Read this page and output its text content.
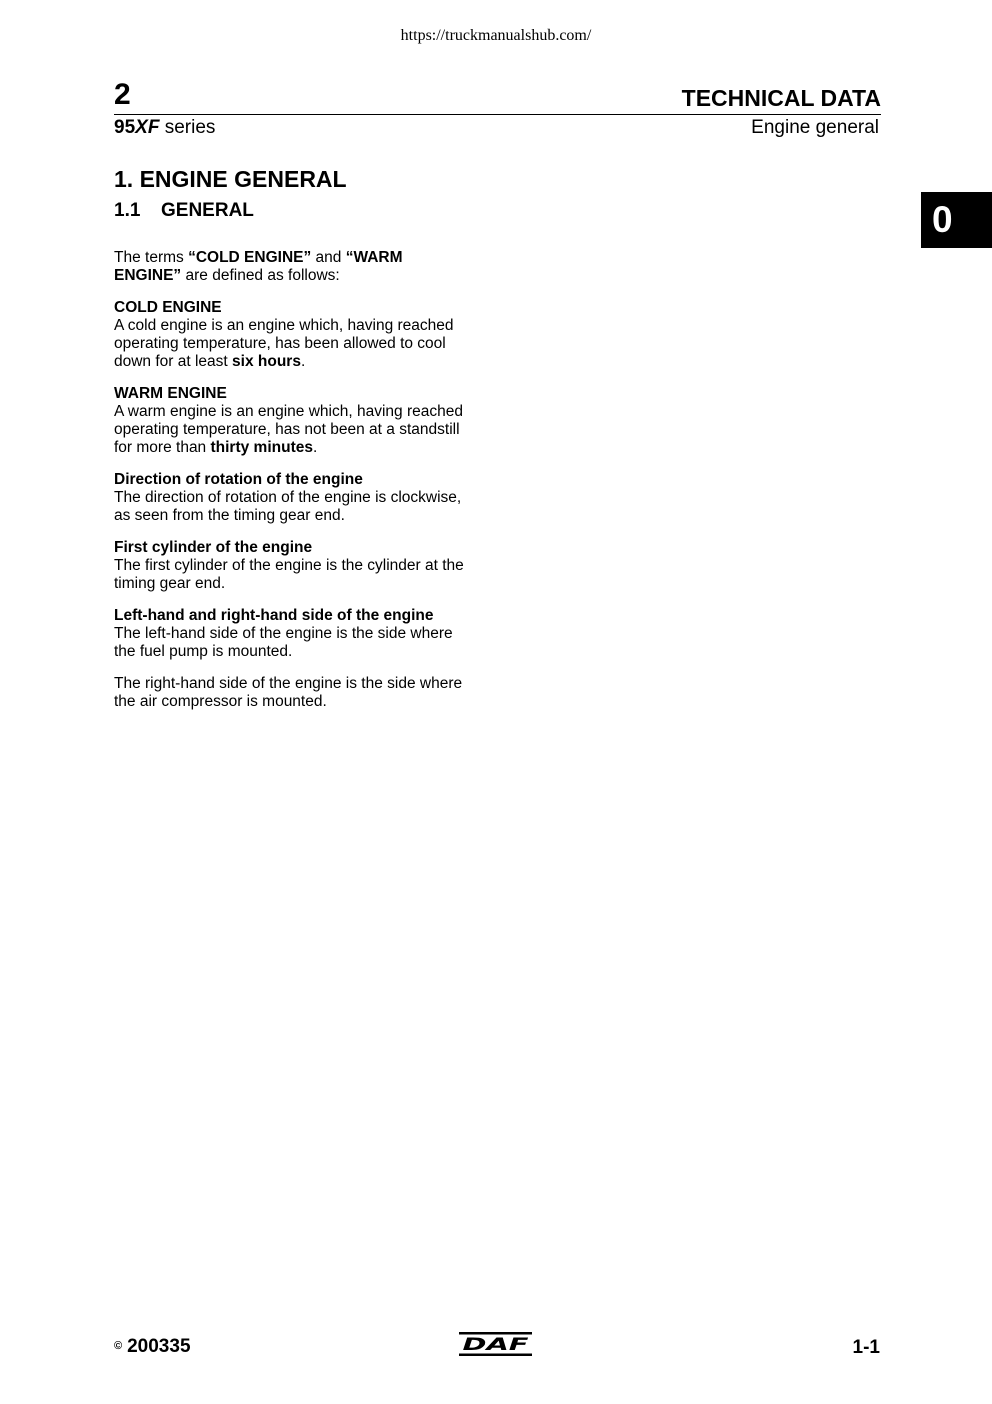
https://truckmanualshub.com/
2	TECHNICAL DATA
95XF series	Engine general
0
1. ENGINE GENERAL
1.1 GENERAL

The terms “COLD ENGINE” and “WARM ENGINE” are defined as follows:

COLD ENGINE
A cold engine is an engine which, having reached operating temperature, has been allowed to cool down for at least six hours.

WARM ENGINE
A warm engine is an engine which, having reached operating temperature, has not been at a standstill for more than thirty minutes.

Direction of rotation of the engine
The direction of rotation of the engine is clockwise, as seen from the timing gear end.

First cylinder of the engine
The first cylinder of the engine is the cylinder at the timing gear end.

Left-hand and right-hand side of the engine
The left-hand side of the engine is the side where the fuel pump is mounted.

The right-hand side of the engine is the side where the air compressor is mounted.

© 200335	DAF	1-1
